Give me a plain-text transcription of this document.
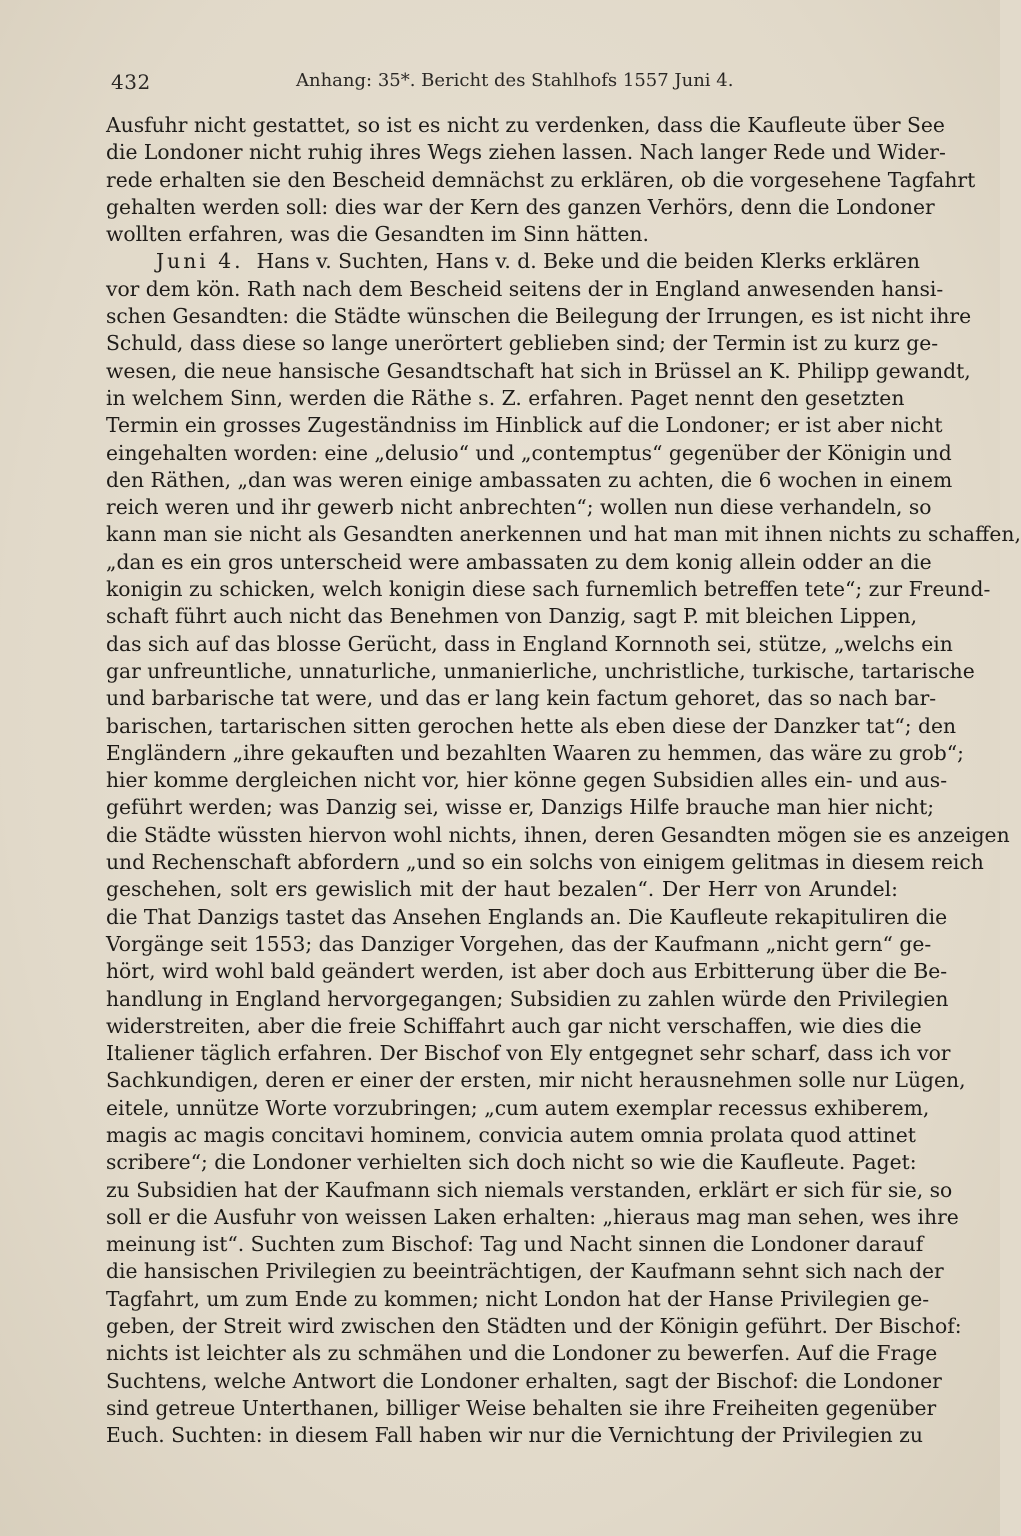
432	Anhang: 35*. Bericht des Stahlhofs 1557 Juni 4.
Ausfuhr nicht gestattet, so ist es nicht zu verdenken, dass die Kaufleute über See
die Londoner nicht ruhig ihres Wegs ziehen lassen. Nach langer Rede und Wider-
rede erhalten sie den Bescheid demnächst zu erklären, ob die vorgesehene Tagfahrt
gehalten werden soll: dies war der Kern des ganzen Verhörs, denn die Londoner
wollten erfahren, was die Gesandten im Sinn hätten.
Juni 4. Hans v. Suchten, Hans v. d. Beke und die beiden Klerks erklären
vor dem kön. Rath nach dem Bescheid seitens der in England anwesenden hansi-
schen Gesandten: die Städte wünschen die Beilegung der Irrungen, es ist nicht ihre
Schuld, dass diese so lange unerörtert geblieben sind; der Termin ist zu kurz ge-
wesen, die neue hansische Gesandtschaft hat sich in Brüssel an K. Philipp gewandt,
in welchem Sinn, werden die Räthe s. Z. erfahren. Paget nennt den gesetzten
Termin ein grosses Zugeständniss im Hinblick auf die Londoner; er ist aber nicht
eingehalten worden: eine „delusio“ und „contemptus“ gegenüber der Königin und
den Räthen, „dan was weren einige ambassaten zu achten, die 6 wochen in einem
reich weren und ihr gewerb nicht anbrechten“; wollen nun diese verhandeln, so
kann man sie nicht als Gesandten anerkennen und hat man mit ihnen nichts zu schaffen,
„dan es ein gros unterscheid were ambassaten zu dem konig allein odder an die
konigin zu schicken, welch konigin diese sach furnemlich betreffen tete“; zur Freund-
schaft führt auch nicht das Benehmen von Danzig, sagt P. mit bleichen Lippen,
das sich auf das blosse Gerücht, dass in England Kornnoth sei, stütze, „welchs ein
gar unfreuntliche, unnaturliche, unmanierliche, unchristliche, turkische, tartarische
und barbarische tat were, und das er lang kein factum gehoret, das so nach bar-
barischen, tartarischen sitten gerochen hette als eben diese der Danzker tat“; den
Engländern „ihre gekauften und bezahlten Waaren zu hemmen, das wäre zu grob“;
hier komme dergleichen nicht vor, hier könne gegen Subsidien alles ein- und aus-
geführt werden; was Danzig sei, wisse er, Danzigs Hilfe brauche man hier nicht;
die Städte wüssten hiervon wohl nichts, ihnen, deren Gesandten mögen sie es anzeigen
und Rechenschaft abfordern „und so ein solchs von einigem gelitmas in diesem reich
geschehen, solt ers gewislich mit der haut bezalen“. Der Herr von Arundel:
die That Danzigs tastet das Ansehen Englands an. Die Kaufleute rekapituliren die
Vorgänge seit 1553; das Danziger Vorgehen, das der Kaufmann „nicht gern“ ge-
hört, wird wohl bald geändert werden, ist aber doch aus Erbitterung über die Be-
handlung in England hervorgegangen; Subsidien zu zahlen würde den Privilegien
widerstreiten, aber die freie Schiffahrt auch gar nicht verschaffen, wie dies die
Italiener täglich erfahren. Der Bischof von Ely entgegnet sehr scharf, dass ich vor
Sachkundigen, deren er einer der ersten, mir nicht herausnehmen solle nur Lügen,
eitele, unnütze Worte vorzubringen; „cum autem exemplar recessus exhiberem,
magis ac magis concitavi hominem, convicia autem omnia prolata quod attinet
scribere“; die Londoner verhielten sich doch nicht so wie die Kaufleute. Paget:
zu Subsidien hat der Kaufmann sich niemals verstanden, erklärt er sich für sie, so
soll er die Ausfuhr von weissen Laken erhalten: „hieraus mag man sehen, wes ihre
meinung ist“. Suchten zum Bischof: Tag und Nacht sinnen die Londoner darauf
die hansischen Privilegien zu beeinträchtigen, der Kaufmann sehnt sich nach der
Tagfahrt, um zum Ende zu kommen; nicht London hat der Hanse Privilegien ge-
geben, der Streit wird zwischen den Städten und der Königin geführt. Der Bischof:
nichts ist leichter als zu schmähen und die Londoner zu bewerfen. Auf die Frage
Suchtens, welche Antwort die Londoner erhalten, sagt der Bischof: die Londoner
sind getreue Unterthanen, billiger Weise behalten sie ihre Freiheiten gegenüber
Euch. Suchten: in diesem Fall haben wir nur die Vernichtung der Privilegien zu
